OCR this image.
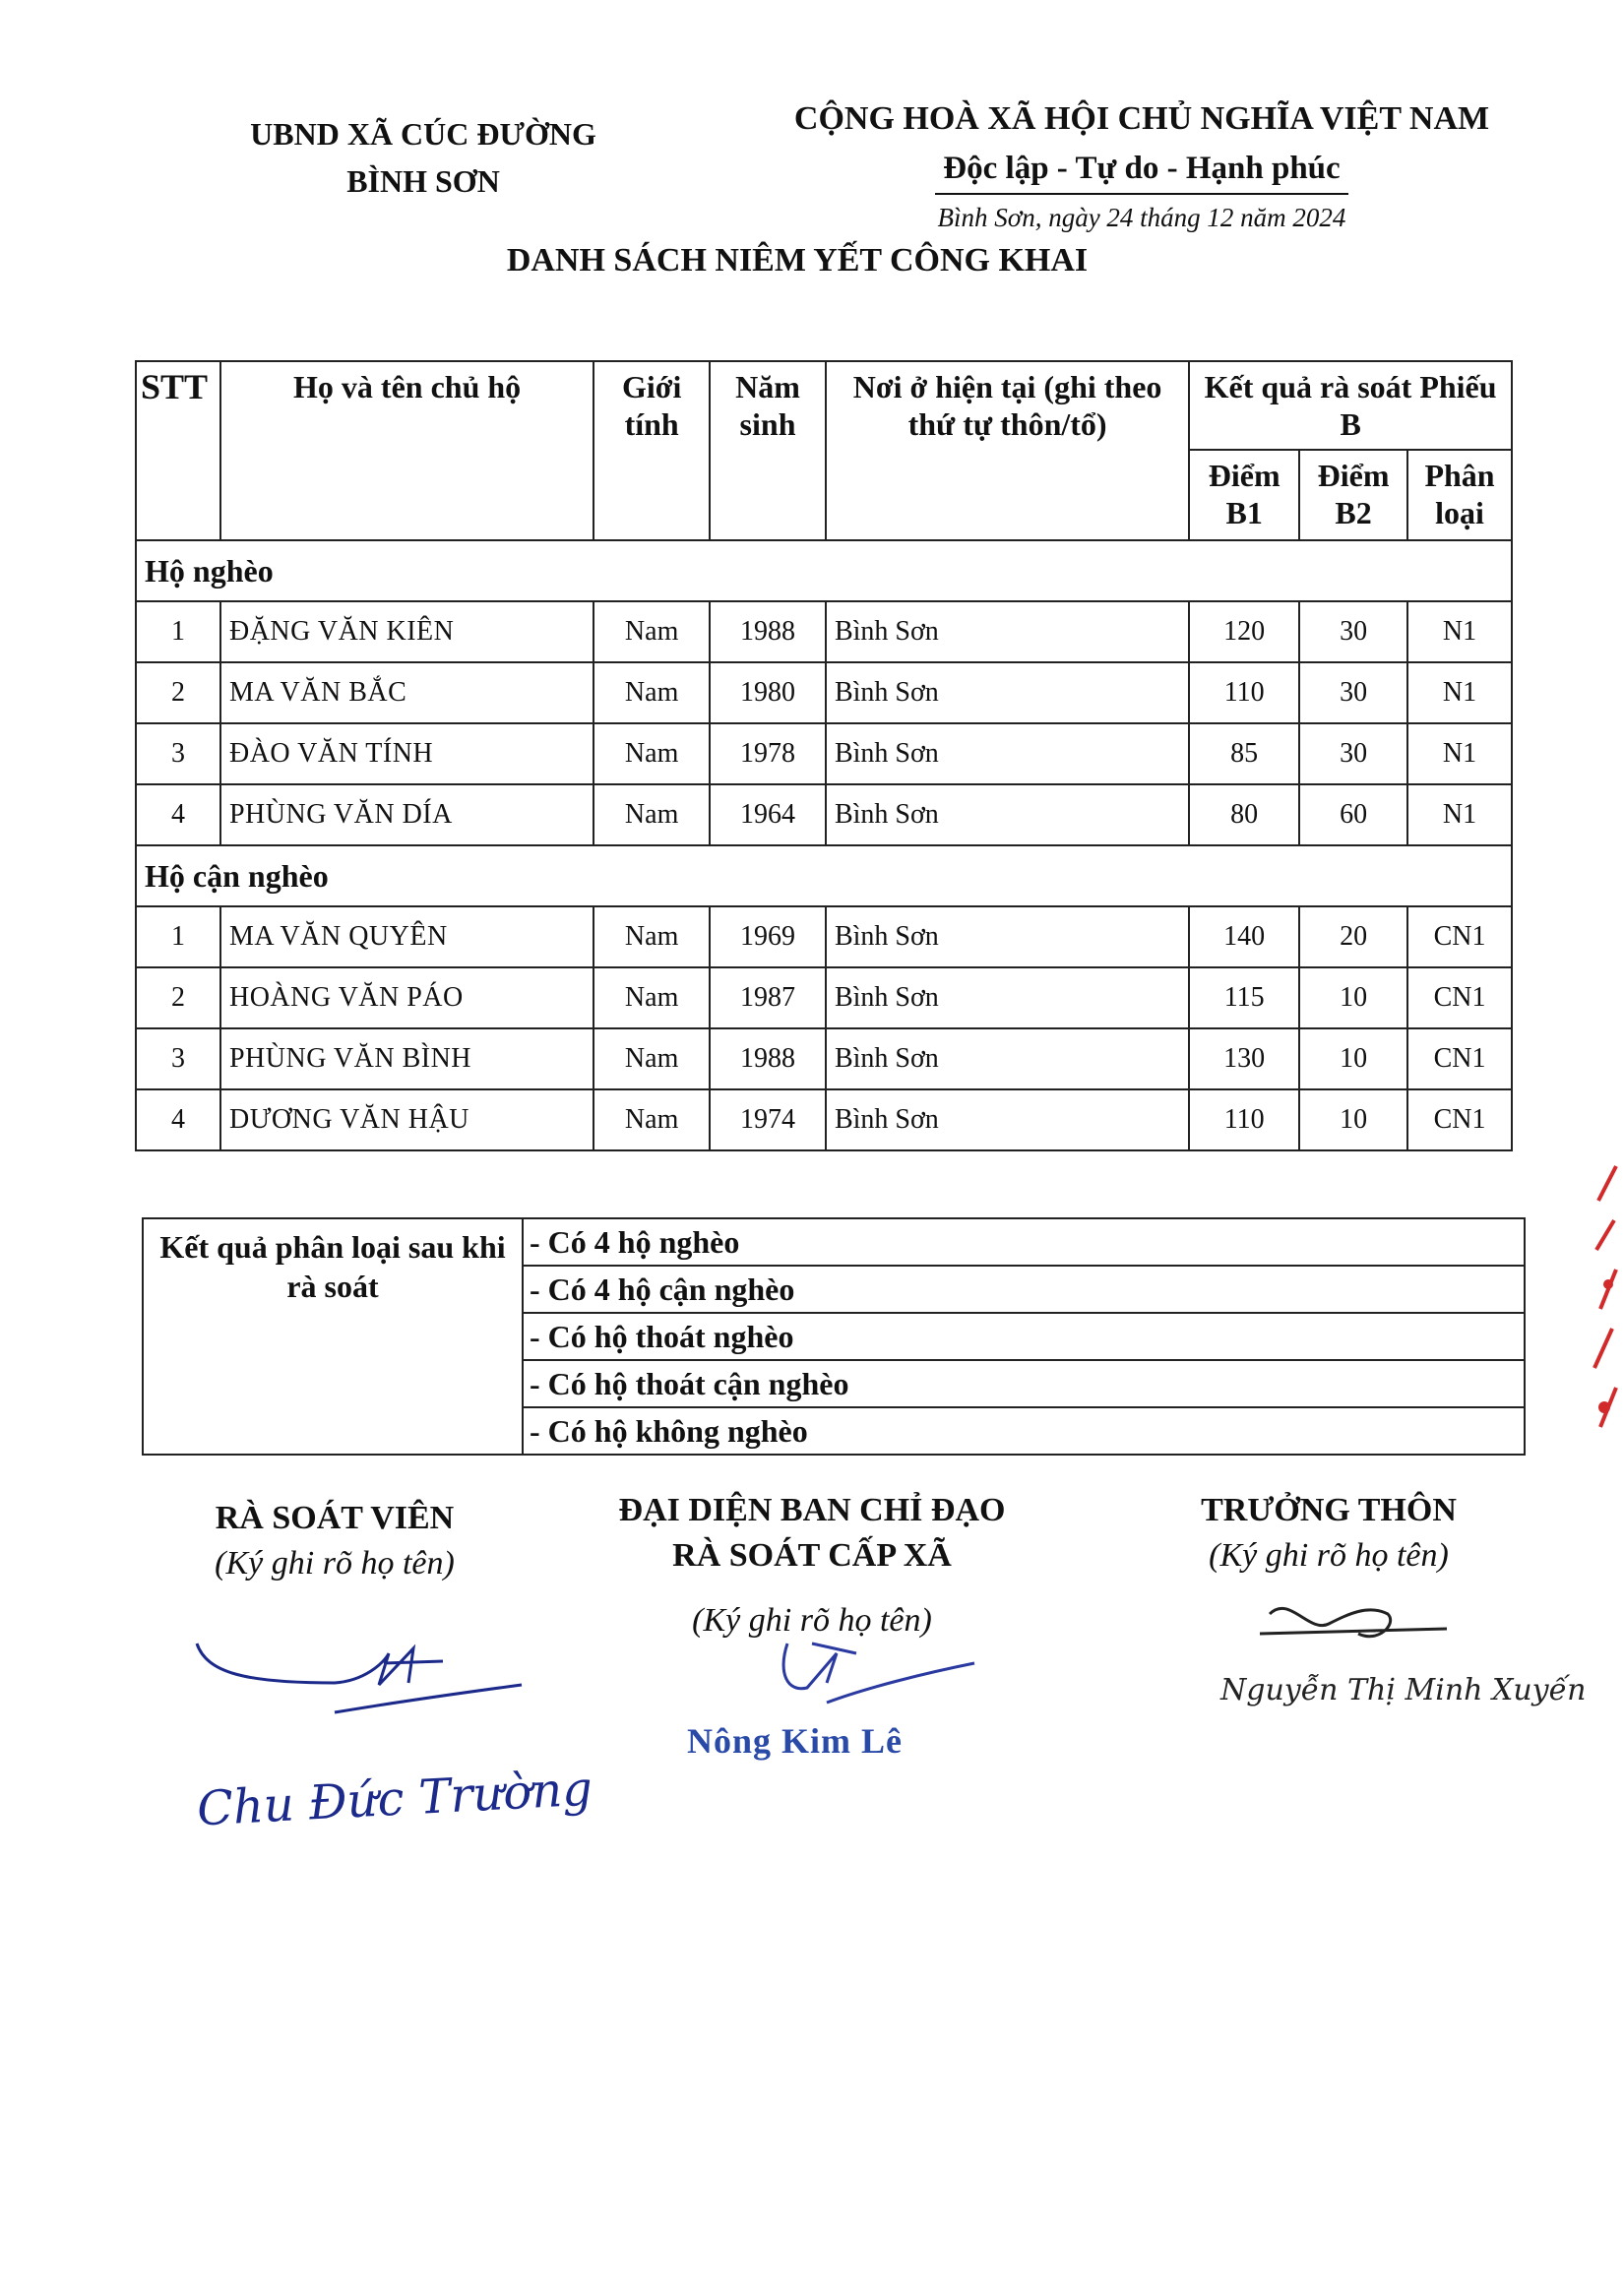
UBND XÃ CÚC ĐƯỜNG
BÌNH SƠN
CỘNG HOÀ XÃ HỘI CHỦ NGHĨA VIỆT NAM
Độc lập - Tự do - Hạnh phúc
Bình Sơn, ngày 24 tháng 12 năm 2024
DANH SÁCH NIÊM YẾT CÔNG KHAI
STT	Họ và tên chủ hộ	Giới tính	Năm sinh	Nơi ở hiện tại (ghi theo thứ tự thôn/tổ)	Kết quả rà soát Phiếu B		
					Điểm B1	Điểm B2	Phân loại
Hộ nghèo							
1	ĐẶNG VĂN KIÊN	Nam	1988	Bình Sơn	120	30	N1
2	MA VĂN BẮC	Nam	1980	Bình Sơn	110	30	N1
3	ĐÀO VĂN TÍNH	Nam	1978	Bình Sơn	85	30	N1
4	PHÙNG VĂN DÍA	Nam	1964	Bình Sơn	80	60	N1
Hộ cận nghèo							
1	MA VĂN QUYÊN	Nam	1969	Bình Sơn	140	20	CN1
2	HOÀNG VĂN PÁO	Nam	1987	Bình Sơn	115	10	CN1
3	PHÙNG VĂN BÌNH	Nam	1988	Bình Sơn	130	10	CN1
4	DƯƠNG VĂN HẬU	Nam	1974	Bình Sơn	110	10	CN1
Kết quả phân loại sau khi rà soát	- Có 4 hộ nghèo
- Có 4 hộ cận nghèo
- Có hộ thoát nghèo
- Có hộ thoát cận nghèo
- Có hộ không nghèo
RÀ SOÁT VIÊN
(Ký ghi rõ họ tên)
Chu Đức Trường
ĐẠI DIỆN BAN CHỈ ĐẠO
RÀ SOÁT CẤP XÃ
(Ký ghi rõ họ tên)
Nông Kim Lê
TRƯỞNG THÔN
(Ký ghi rõ họ tên)
Nguyễn Thị Minh Xuyến
